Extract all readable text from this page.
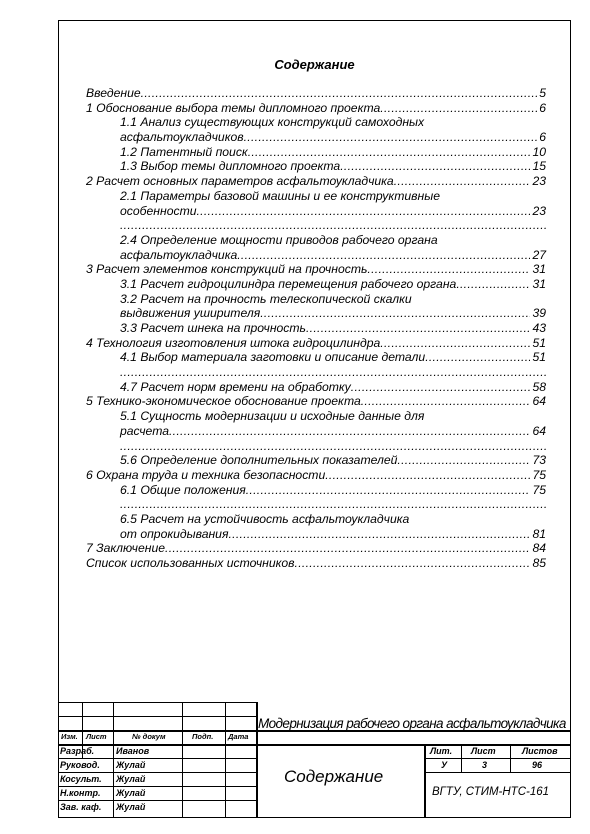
Содержание
Введение .....	5
1 Обоснование выбора темы дипломного проекта .....	6
1.1 Анализ существующих конструкций самоходных
асфальтоукладчиков .....	6
1.2 Патентный поиск .....	10
1.3 Выбор темы дипломного проекта .....	15
2 Расчет основных параметров асфальтоукладчика .....	23
2.1 Параметры базовой машины и ее конструктивные
особенности .....	23
.....
2.4 Определение мощности приводов рабочего органа
асфальтоукладчика .....	27
3 Расчет элементов конструкций на прочность .....	31
3.1 Расчет гидроцилиндра перемещения рабочего органа .....	31
3.2 Расчет на прочность телескопической скалки
выдвижения уширителя .....	39
3.3 Расчет шнека на прочность .....	43
4 Технология изготовления штока гидроцилиндра .....	51
4.1 Выбор материала заготовки и описание детали .....	51
.....
4.7 Расчет норм времени на обработку .....	58
5 Технико-экономическое обоснование проекта .....	64
5.1 Сущность модернизации и исходные данные для
расчета .....	64
.....
5.6 Определение дополнительных показателей .....	73
6 Охрана труда и техника безопасности .....	75
6.1 Общие положения .....	75
.....
6.5 Расчет на устойчивость асфальтоукладчика
от опрокидывания .....	81
7 Заключение .....	84
Список использованных источников .....	85
Модернизация рабочего органа асфальтоукладчика
Изм. Лист	№ докум	Подп. Дата
Разраб. Иванов
Руковод. Жулай
Косульт. Жулай
Н.контр. Жулай
Зав. каф. Жулай
Содержание
Лит. Лист	Листов
У	3	96
ВГТУ, СТИМ-НТС-161
